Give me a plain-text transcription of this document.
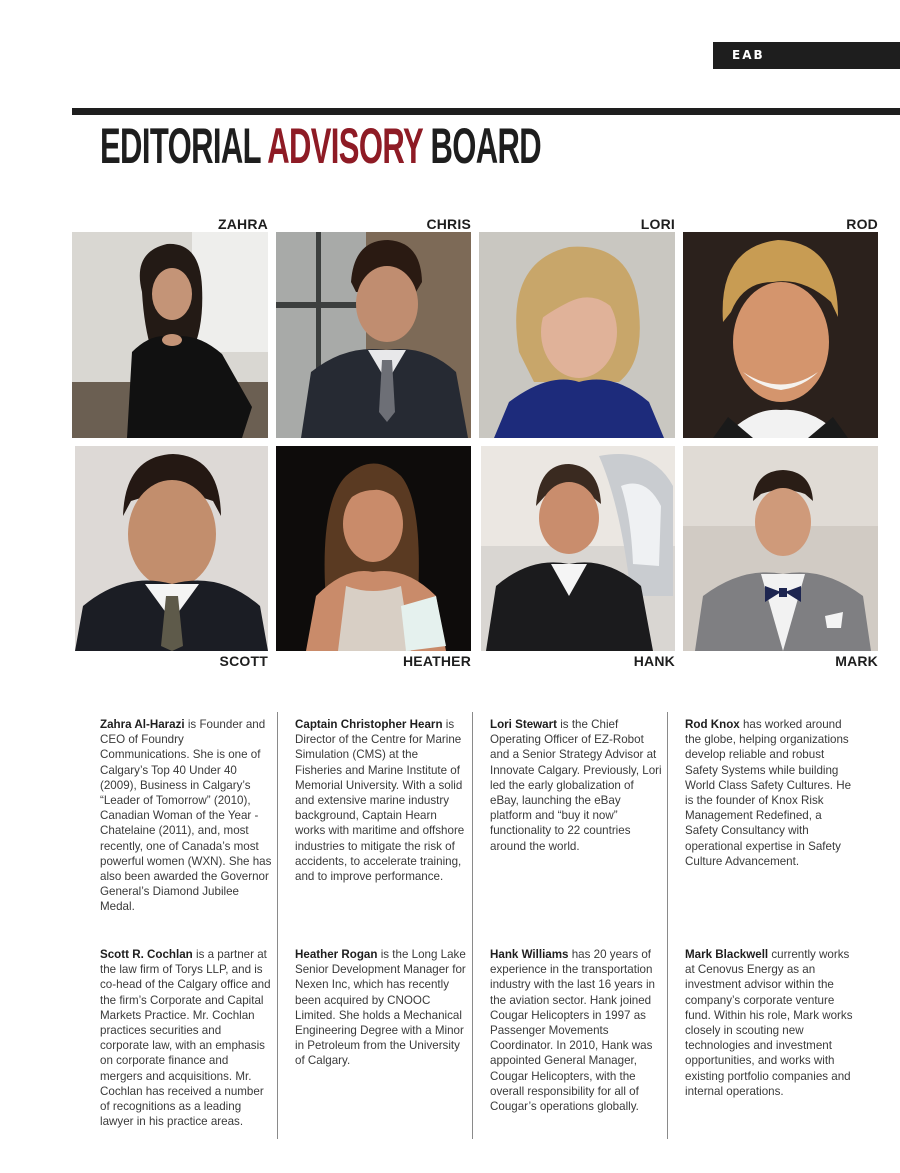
EAB
EDITORIAL ADVISORY BOARD
ZAHRA	CHRIS	LORI	ROD
SCOTT	HEATHER	HANK	MARK
Zahra Al-Harazi is Founder and CEO of Foundry Communications. She is one of Calgary’s Top 40 Under 40 (2009), Business in Calgary’s “Leader of Tomorrow” (2010), Canadian Woman of the Year - Chatelaine (2011), and, most recently, one of Canada’s most powerful women (WXN). She has also been awarded the Governor General’s Diamond Jubilee Medal.
Captain Christopher Hearn is Director of the Centre for Marine Simulation (CMS) at the Fisheries and Marine Institute of Memorial University. With a solid and extensive marine industry background, Captain Hearn works with maritime and offshore industries to mitigate the risk of accidents, to accelerate training, and to improve performance.
Lori Stewart is the Chief Operating Officer of EZ-Robot and a Senior Strategy Advisor at Innovate Calgary. Previously, Lori led the early globalization of eBay, launching the eBay platform and “buy it now” functionality to 22 countries around the world.
Rod Knox has worked around the globe, helping organizations develop reliable and robust Safety Systems while building World Class Safety Cultures. He is the founder of Knox Risk Management Redefined, a Safety Consultancy with operational expertise in Safety Culture Advancement.
Scott R. Cochlan is a partner at the law firm of Torys LLP, and is co-head of the Calgary office and the firm’s Corporate and Capital Markets Practice. Mr. Cochlan practices securities and corporate law, with an emphasis on corporate finance and mergers and acquisitions. Mr. Cochlan has received a number of recognitions as a leading lawyer in his practice areas.
Heather Rogan is the Long Lake Senior Development Manager for Nexen Inc, which has recently been acquired by CNOOC Limited. She holds a Mechanical Engineering Degree with a Minor in Petroleum from the University of Calgary.
Hank Williams has 20 years of experience in the transportation industry with the last 16 years in the aviation sector. Hank joined Cougar Helicopters in 1997 as Passenger Movements Coordinator. In 2010, Hank was appointed General Manager, Cougar Helicopters, with the overall responsibility for all of Cougar’s operations globally.
Mark Blackwell currently works at Cenovus Energy as an investment advisor within the company’s corporate venture fund. Within his role, Mark works closely in scouting new technologies and investment opportunities, and works with existing portfolio companies and internal operations.
